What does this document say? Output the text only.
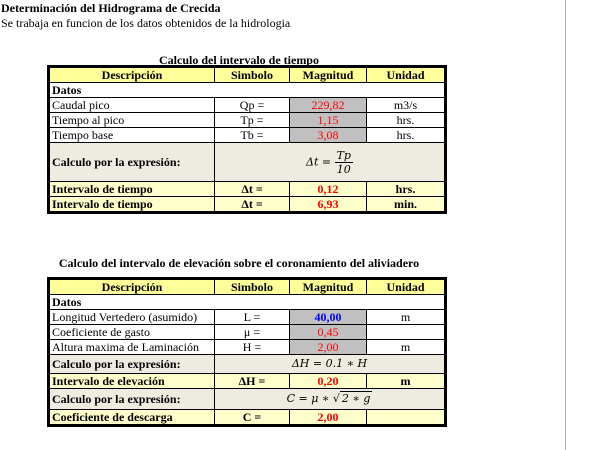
Determinación del Hidrograma de Crecida
Se trabaja en funcion de los datos obtenidos de la hidrologia
Calculo del intervalo de tiempo
Descripción	Simbolo	Magnitud	Unidad
Datos			
Caudal pico	Qp =	229,82	m3/s
Tiempo al pico	Tp =	1,15	hrs.
Tiempo base	Tb =	3,08	hrs.
Calculo por la expresión:	$\Delta t = \frac{Tp}{10}$

Intervalo de tiempo	Δt =	0,12	hrs.
Intervalo de tiempo	Δt =	6,93	min.
Calculo del intervalo de elevación sobre el coronamiento del aliviadero
Descripción	Simbolo	Magnitud	Unidad
Datos			
Longitud Vertedero (asumido)	L =	40,00	m
Coeficiente de gasto	μ =	0,45	
Altura maxima de Laminación	H =	2,00	m
Calculo por la expresión:	ΔH = 0.1 ∗ H		
Intervalo de elevación	ΔH =	0,20	m
Calculo por la expresión:	C = μ ∗ √ 2 ∗ g		
Coeficiente de descarga	C =	2,00	
